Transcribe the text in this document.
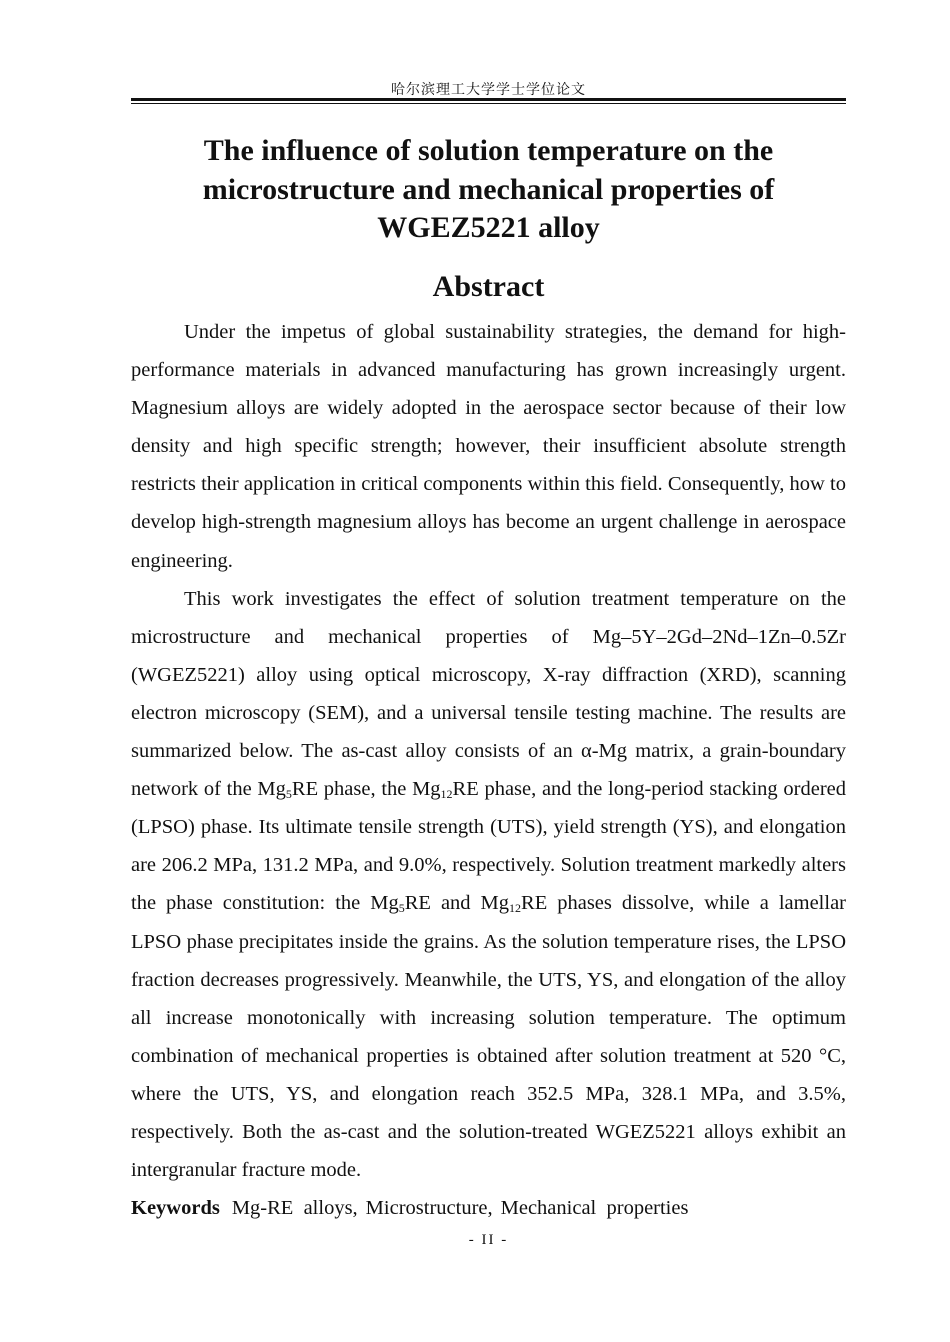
哈尔滨理工大学学士学位论文
The influence of solution temperature on the
microstructure and mechanical properties of
WGEZ5221 alloy
Abstract

Under the impetus of global sustainability strategies, the demand for high-performance materials in advanced manufacturing has grown increasingly urgent. Magnesium alloys are widely adopted in the aerospace sector because of their low density and high specific strength; however, their insufficient absolute strength restricts their application in critical components within this field. Consequently, how to develop high-strength magnesium alloys has become an urgent challenge in aerospace engineering.

This work investigates the effect of solution treatment temperature on the microstructure and mechanical properties of Mg–5Y–2Gd–2Nd–1Zn–0.5Zr (WGEZ5221) alloy using optical microscopy, X-ray diffraction (XRD), scanning electron microscopy (SEM), and a universal tensile testing machine. The results are summarized below. The as-cast alloy consists of an α-Mg matrix, a grain-boundary network of the $Mg_5RE$ phase, the $Mg_{12}RE$ phase, and the long-period stacking ordered (LPSO) phase. Its ultimate tensile strength (UTS), yield strength (YS), and elongation are 206.2 MPa, 131.2 MPa, and 9.0%, respectively. Solution treatment markedly alters the phase constitution: the $Mg_5RE$ and $Mg_{12}RE$ phases dissolve, while a lamellar LPSO phase precipitates inside the grains. As the solution temperature rises, the LPSO fraction decreases progressively. Meanwhile, the UTS, YS, and elongation of the alloy all increase monotonically with increasing solution temperature. The optimum combination of mechanical properties is obtained after solution treatment at 520 °C, where the UTS, YS, and elongation reach 352.5 MPa, 328.1 MPa, and 3.5%, respectively. Both the as-cast and the solution-treated WGEZ5221 alloys exhibit an intergranular fracture mode.

Keywords Mg-RE  alloys, Microstructure, Mechanical  properties

- II -
